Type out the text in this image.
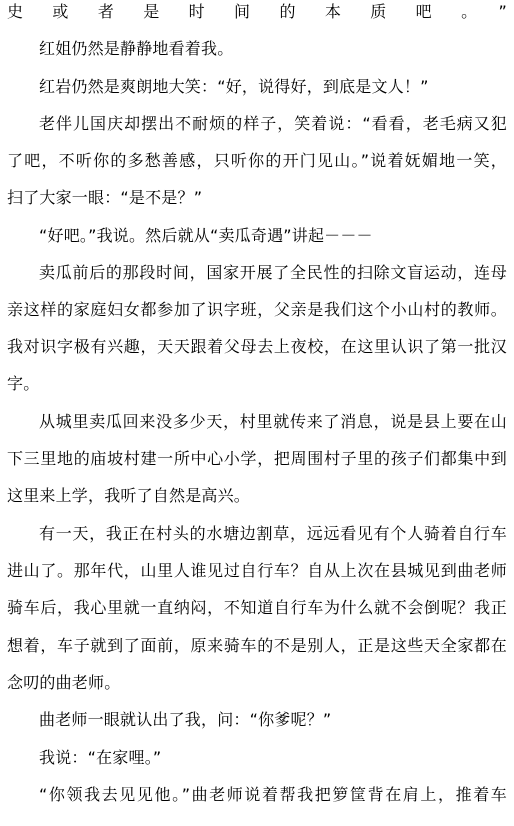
史或者是时间的本质吧。”
红姐仍然是静静地看着我。
红岩仍然是爽朗地大笑：“好，说得好，到底是文人！”
老伴儿国庆却摆出不耐烦的样子，笑着说：“看看，老毛病又犯
了吧，不听你的多愁善感，只听你的开门见山。”说着妩媚地一笑，
扫了大家一眼：“是不是？”
“好吧。”我说。然后就从“卖瓜奇遇”讲起－－－
卖瓜前后的那段时间，国家开展了全民性的扫除文盲运动，连母
亲这样的家庭妇女都参加了识字班，父亲是我们这个小山村的教师。
我对识字极有兴趣，天天跟着父母去上夜校，在这里认识了第一批汉
字。
从城里卖瓜回来没多少天，村里就传来了消息，说是县上要在山
下三里地的庙坡村建一所中心小学，把周围村子里的孩子们都集中到
这里来上学，我听了自然是高兴。
有一天，我正在村头的水塘边割草，远远看见有个人骑着自行车
进山了。那年代，山里人谁见过自行车？自从上次在县城见到曲老师
骑车后，我心里就一直纳闷，不知道自行车为什么就不会倒呢？我正
想着，车子就到了面前，原来骑车的不是别人，正是这些天全家都在
念叨的曲老师。
曲老师一眼就认出了我，问：“你爹呢？”
我说：“在家哩。”
“你领我去见见他。”曲老师说着帮我把箩筐背在肩上，推着车
